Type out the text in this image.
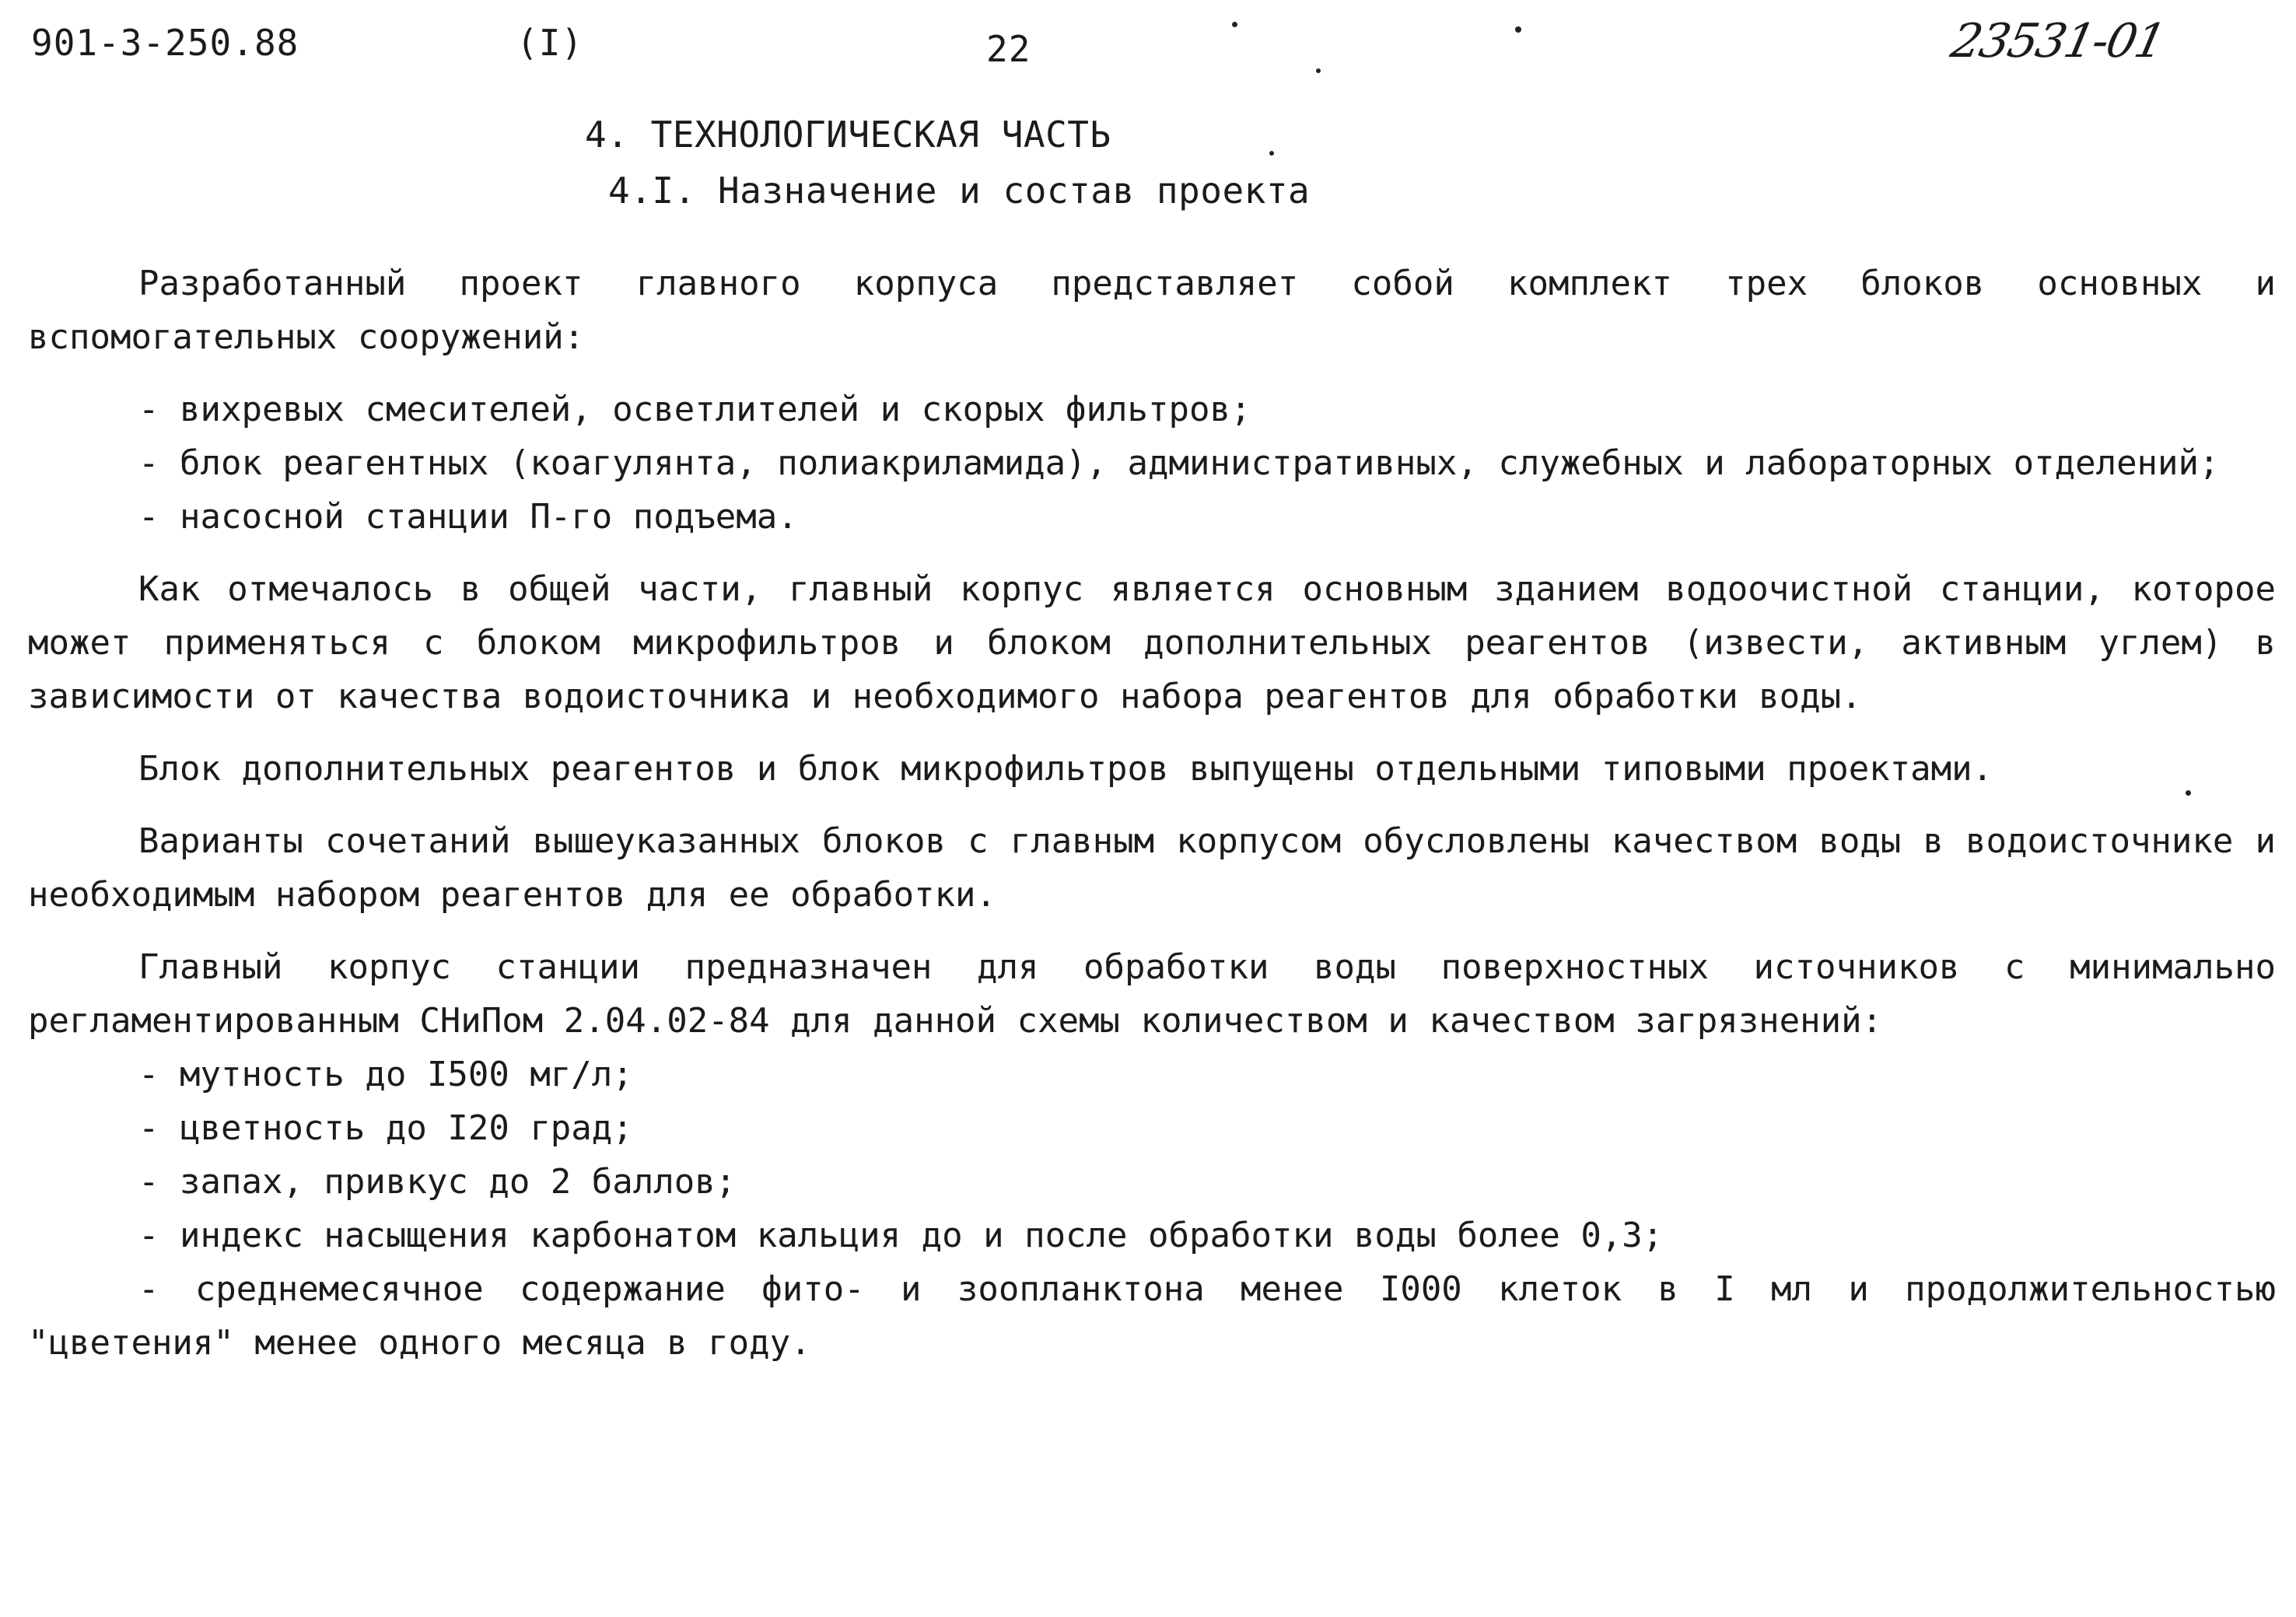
901-3-250.88	(I)	22	23531-01
4. ТЕХНОЛОГИЧЕСКАЯ ЧАСТЬ
4.I. Назначение и состав проекта

Разработанный проект главного корпуса представляет собой комплект трех блоков основных и вспомогательных сооружений:

- вихревых смесителей, осветлителей и скорых фильтров;

- блок реагентных (коагулянта, полиакриламида), административных, служебных и лабораторных отделений;

- насосной станции П-го подъема.

Как отмечалось в общей части, главный корпус является основным зданием водоочистной станции, которое может применяться с блоком микрофильтров и блоком дополнительных реагентов (извести, активным углем) в зависимости от качества водоисточника и необходимого набора реагентов для обработки воды.

Блок дополнительных реагентов и блок микрофильтров выпущены отдельными типовыми проектами.

Варианты сочетаний вышеуказанных блоков с главным корпусом обусловлены качеством воды в водоисточнике и необходимым набором реагентов для ее обработки.

Главный корпус станции предназначен для обработки воды поверхностных источников с минимально регламентированным СНиПом 2.04.02-84 для данной схемы количеством и качеством загрязнений:

- мутность до I500 мг/л;

- цветность до I20 град;

- запах, привкус до 2 баллов;

- индекс насыщения карбонатом кальция до и после обработки воды более 0,3;

- среднемесячное содержание фито- и зоопланктона менее I000 клеток в I мл и продолжительностью "цветения" менее одного месяца в году.
